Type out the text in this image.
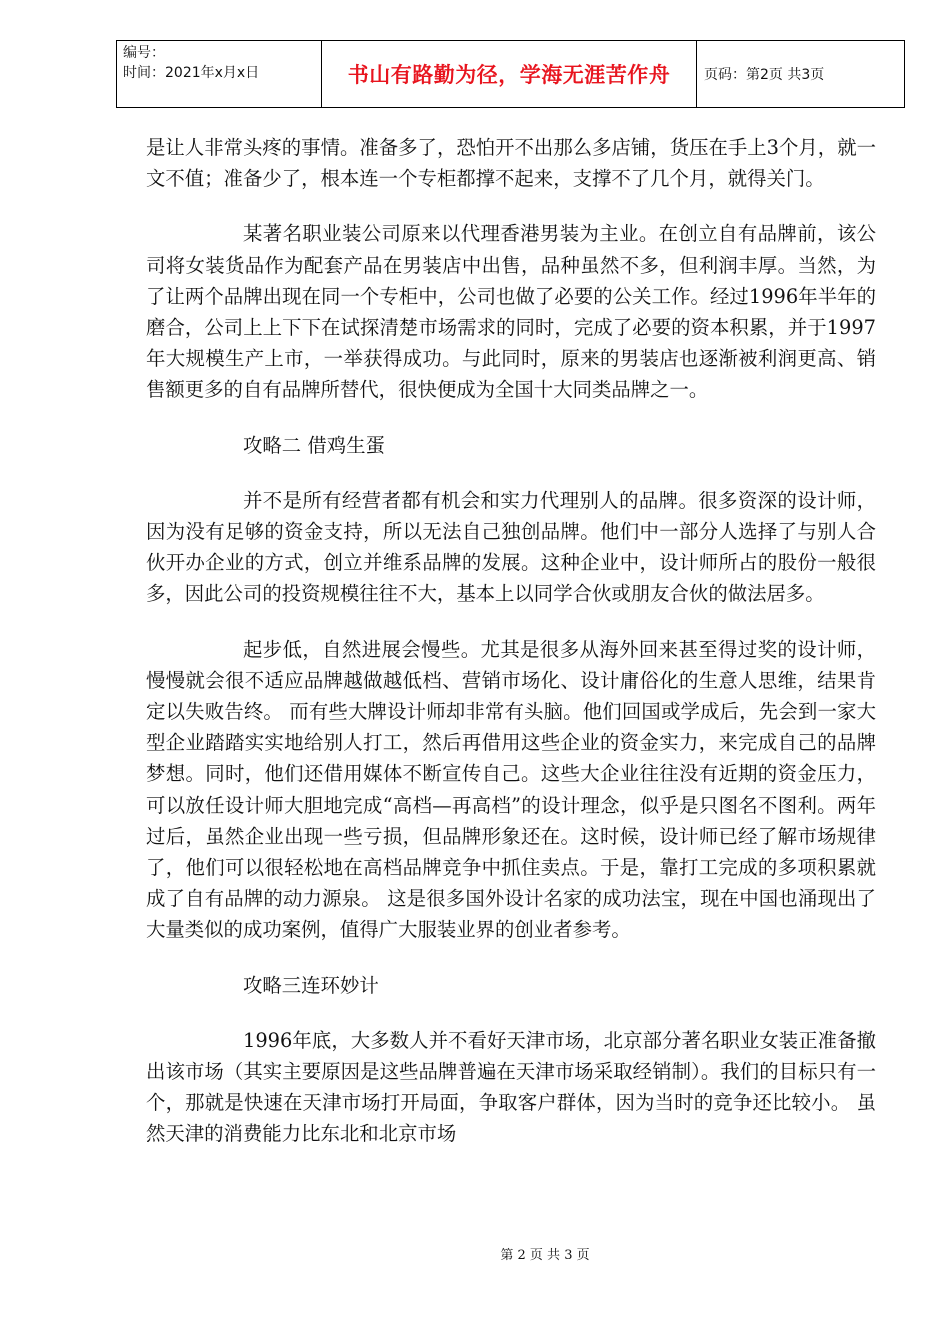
编号：
时间：2021年x月x日	书山有路勤为径，学海无涯苦作舟	页码：第2页 共3页

是让人非常头疼的事情。准备多了，恐怕开不出那么多店铺，货压在手上3个月，就一文不值；准备少了，根本连一个专柜都撑不起来，支撑不了几个月，就得关门。

某著名职业装公司原来以代理香港男装为主业。在创立自有品牌前，该公司将女装货品作为配套产品在男装店中出售，品种虽然不多，但利润丰厚。当然，为了让两个品牌出现在同一个专柜中，公司也做了必要的公关工作。经过1996年半年的磨合，公司上上下下在试探清楚市场需求的同时，完成了必要的资本积累，并于1997年大规模生产上市，一举获得成功。与此同时，原来的男装店也逐渐被利润更高、销售额更多的自有品牌所替代，很快便成为全国十大同类品牌之一。

攻略二 借鸡生蛋

并不是所有经营者都有机会和实力代理别人的品牌。很多资深的设计师，因为没有足够的资金支持，所以无法自己独创品牌。他们中一部分人选择了与别人合伙开办企业的方式，创立并维系品牌的发展。这种企业中，设计师所占的股份一般很多，因此公司的投资规模往往不大，基本上以同学合伙或朋友合伙的做法居多。

起步低，自然进展会慢些。尤其是很多从海外回来甚至得过奖的设计师，慢慢就会很不适应品牌越做越低档、营销市场化、设计庸俗化的生意人思维，结果肯定以失败告终。 而有些大牌设计师却非常有头脑。他们回国或学成后，先会到一家大型企业踏踏实实地给别人打工，然后再借用这些企业的资金实力，来完成自己的品牌梦想。同时，他们还借用媒体不断宣传自己。这些大企业往往没有近期的资金压力，可以放任设计师大胆地完成“高档—再高档”的设计理念，似乎是只图名不图利。两年过后，虽然企业出现一些亏损，但品牌形象还在。这时候，设计师已经了解市场规律了，他们可以很轻松地在高档品牌竞争中抓住卖点。于是，靠打工完成的多项积累就成了自有品牌的动力源泉。 这是很多国外设计名家的成功法宝，现在中国也涌现出了大量类似的成功案例，值得广大服装业界的创业者参考。

攻略三连环妙计

1996年底，大多数人并不看好天津市场，北京部分著名职业女装正准备撤出该市场（其实主要原因是这些品牌普遍在天津市场采取经销制）。我们的目标只有一个，那就是快速在天津市场打开局面，争取客户群体，因为当时的竞争还比较小。 虽然天津的消费能力比东北和北京市场

第 2 页 共 3 页
